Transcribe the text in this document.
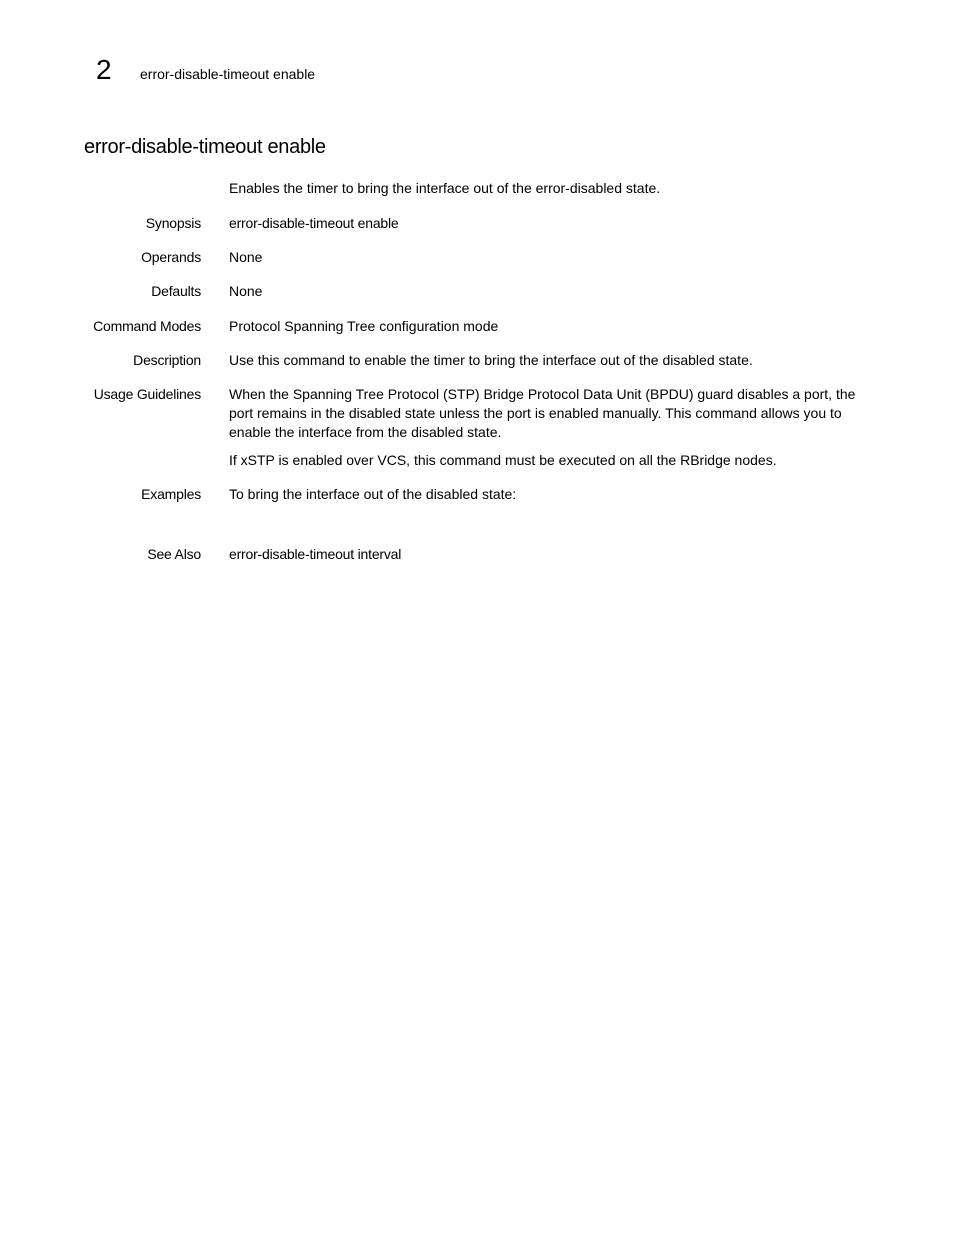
2 error-disable-timeout enable
error-disable-timeout enable
Enables the timer to bring the interface out of the error-disabled state.
Synopsis error-disable-timeout enable
Operands None
Defaults None
Command Modes Protocol Spanning Tree configuration mode
Description Use this command to enable the timer to bring the interface out of the disabled state.
Usage Guidelines When the Spanning Tree Protocol (STP) Bridge Protocol Data Unit (BPDU) guard disables a port, the port remains in the disabled state unless the port is enabled manually. This command allows you to enable the interface from the disabled state.

If xSTP is enabled over VCS, this command must be executed on all the RBridge nodes.

Examples To bring the interface out of the disabled state:
See Also error-disable-timeout interval
